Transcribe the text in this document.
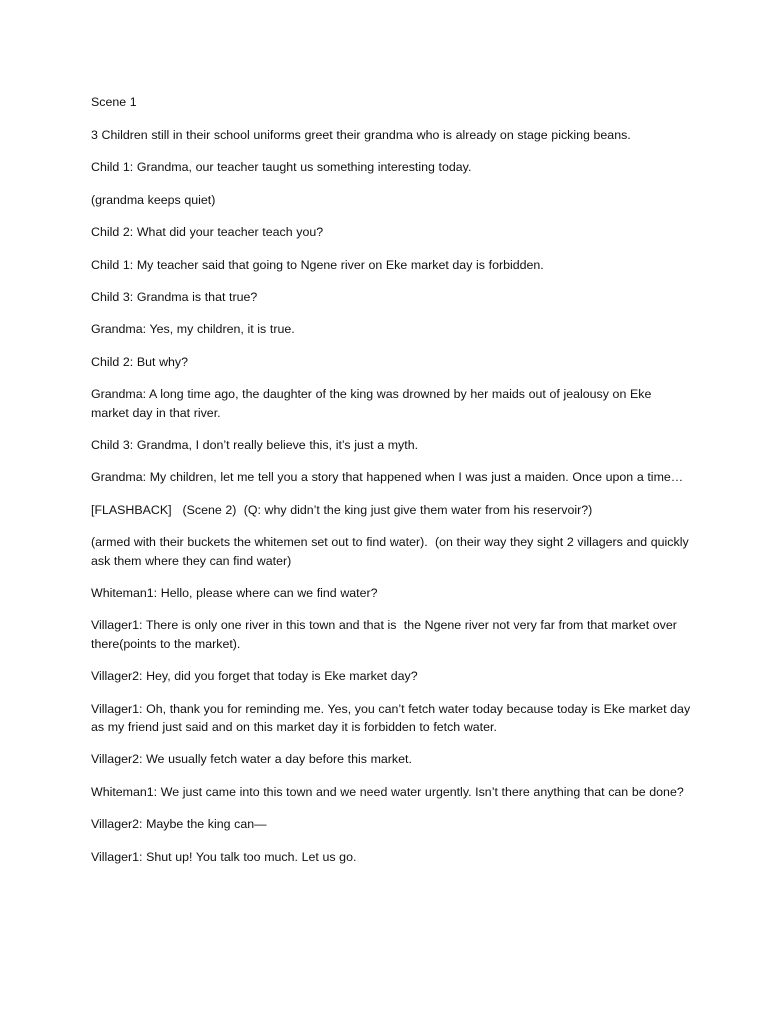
Scene 1

3 Children still in their school uniforms greet their grandma who is already on stage picking beans.

Child 1: Grandma, our teacher taught us something interesting today.

(grandma keeps quiet)

Child 2: What did your teacher teach you?

Child 1: My teacher said that going to Ngene river on Eke market day is forbidden.

Child 3: Grandma is that true?

Grandma: Yes, my children, it is true.

Child 2: But why?

Grandma: A long time ago, the daughter of the king was drowned by her maids out of jealousy on Eke market day in that river.

Child 3: Grandma, I don’t really believe this, it’s just a myth.

Grandma: My children, let me tell you a story that happened when I was just a maiden. Once upon a time…

[FLASHBACK]   (Scene 2)  (Q: why didn’t the king just give them water from his reservoir?)

(armed with their buckets the whitemen set out to find water).  (on their way they sight 2 villagers and quickly ask them where they can find water)

Whiteman1: Hello, please where can we find water?

Villager1: There is only one river in this town and that is  the Ngene river not very far from that market over there(points to the market).

Villager2: Hey, did you forget that today is Eke market day?

Villager1: Oh, thank you for reminding me. Yes, you can’t fetch water today because today is Eke market day as my friend just said and on this market day it is forbidden to fetch water.

Villager2: We usually fetch water a day before this market.

Whiteman1: We just came into this town and we need water urgently. Isn’t there anything that can be done?

Villager2: Maybe the king can—

Villager1: Shut up! You talk too much. Let us go.
